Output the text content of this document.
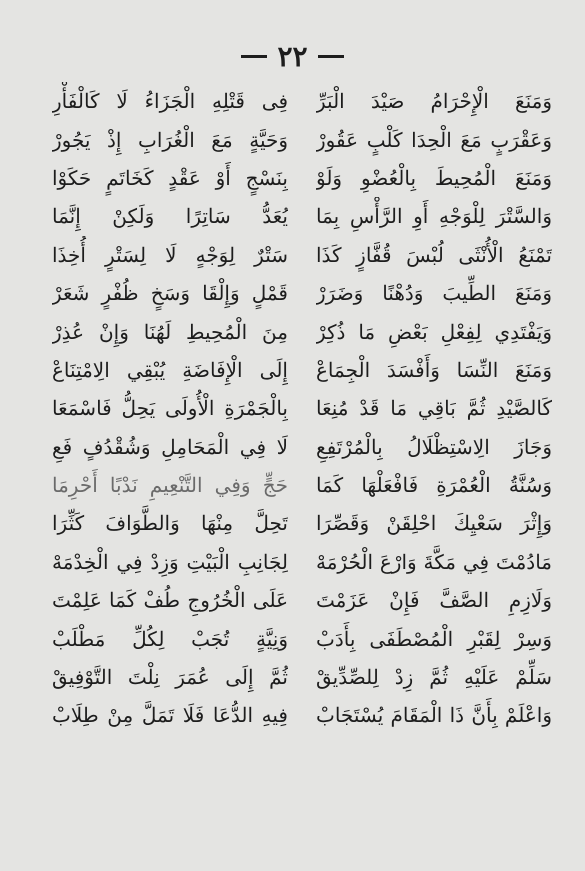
٢٢
وَمَنَعَ الْإِحْرَامُ صَيْدَ الْبَرِّ
فِى قَتْلِهِ الْجَزَاءُ لَا كَالْفَأْرِ
وَعَقْرَبٍ مَعَ الْحِدَا كَلْبٍ عَقُورْ
وَحَيَّةٍ مَعَ الْغُرَابِ إِذْ يَجُورْ
وَمَنَعَ الْمُحِيطَ بِالْعُضْوِ وَلَوْ
بِنَسْجٍ أَوْ عَقْدٍ كَخَاتَمٍ حَكَوْا
وَالسَّتْرَ لِلْوَجْهِ أَوِ الرَّأْسِ بِمَا
يُعَدُّ سَاتِرًا وَلَكِنْ إِنَّمَا
تَمْنَعُ الْأُنْثَى لُبْسَ قُفَّازٍ كَذَا
سَتْرٌ لِوَجْهٍ لَا لِسَتْرٍ أُخِذَا
وَمَنَعَ الطِّيبَ وَدُهْنًا وَضَرَرْ
قَمْلٍ وَإِلْقَا وَسَخٍ ظُفْرٍ شَعَرْ
وَيَفْتَدِي لِفِعْلِ بَعْضِ مَا ذُكِرْ
مِنَ الْمُحِيطِ لَهُنَا وَإِنْ عُذِرْ
وَمَنَعَ النِّسَا وَأَفْسَدَ الْجِمَاعْ
إِلَى الْإِفَاضَةِ يُبْقِي الِامْتِنَاعْ
كَالصَّيْدِ ثُمَّ بَاقِي مَا قَدْ مُنِعَا
بِالْجَمْرَةِ الْأُولَى يَحِلُّ فَاسْمَعَا
وَجَازَ الِاسْتِظْلَالُ بِالْمُرْتَفِعِ
لَا فِي الْمَحَامِلِ وَشُقْدُفٍ فَعِ
وَسُنَّةُ الْعُمْرَةِ فَافْعَلْهَا كَمَا
حَجٍّ وَفِي التَّنْعِيمِ نَدْبًا أَحْرِمَا
وَإِثْرَ سَعْيِكَ احْلِقَنْ وَقَصِّرَا
تَحِلَّ مِنْهَا وَالطَّوَافَ كَثِّرَا
مَادُمْتَ فِي مَكَّةَ وَارْعَ الْحُرْمَهْ
لِجَانِبِ الْبَيْتِ وَزِدْ فِي الْخِدْمَهْ
وَلَازِمِ الصَّفَّ فَإِنْ عَزَمْتَ
عَلَى الْخُرُوجِ طُفْ كَمَا عَلِمْتَ
وَسِرْ لِقَبْرِ الْمُصْطَفَى بِأَدَبْ
وَنِيَّةٍ تُجَبْ لِكُلِّ مَطْلَبْ
سَلِّمْ عَلَيْهِ ثُمَّ زِدْ لِلصِّدِّيقْ
ثُمَّ إِلَى عُمَرَ نِلْتَ التَّوْفِيقْ
وَاعْلَمْ بِأَنَّ ذَا الْمَقَامَ يُسْتَجَابْ
فِيهِ الدُّعَا فَلَا تَمَلَّ مِنْ طِلَابْ
